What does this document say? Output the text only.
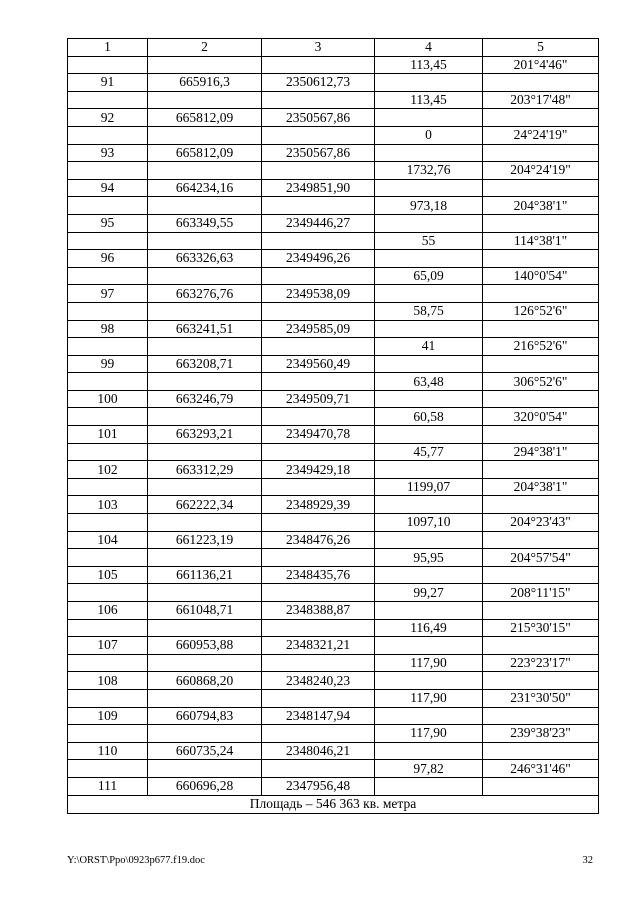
1	2	3	4	5
			113,45	201°4'46"
91	665916,3	2350612,73		
			113,45	203°17'48"
92	665812,09	2350567,86		
			0	24°24'19"
93	665812,09	2350567,86		
			1732,76	204°24'19"
94	664234,16	2349851,90		
			973,18	204°38'1"
95	663349,55	2349446,27		
			55	114°38'1"
96	663326,63	2349496,26		
			65,09	140°0'54"
97	663276,76	2349538,09		
			58,75	126°52'6"
98	663241,51	2349585,09		
			41	216°52'6"
99	663208,71	2349560,49		
			63,48	306°52'6"
100	663246,79	2349509,71		
			60,58	320°0'54"
101	663293,21	2349470,78		
			45,77	294°38'1"
102	663312,29	2349429,18		
			1199,07	204°38'1"
103	662222,34	2348929,39		
			1097,10	204°23'43"
104	661223,19	2348476,26		
			95,95	204°57'54"
105	661136,21	2348435,76		
			99,27	208°11'15"
106	661048,71	2348388,87		
			116,49	215°30'15"
107	660953,88	2348321,21		
			117,90	223°23'17"
108	660868,20	2348240,23		
			117,90	231°30'50"
109	660794,83	2348147,94		
			117,90	239°38'23"
110	660735,24	2348046,21		
			97,82	246°31'46"
111	660696,28	2347956,48		
Площадь – 546 363 кв. метра				
Y:\ORST\Ppo\0923p677.f19.doc	32
